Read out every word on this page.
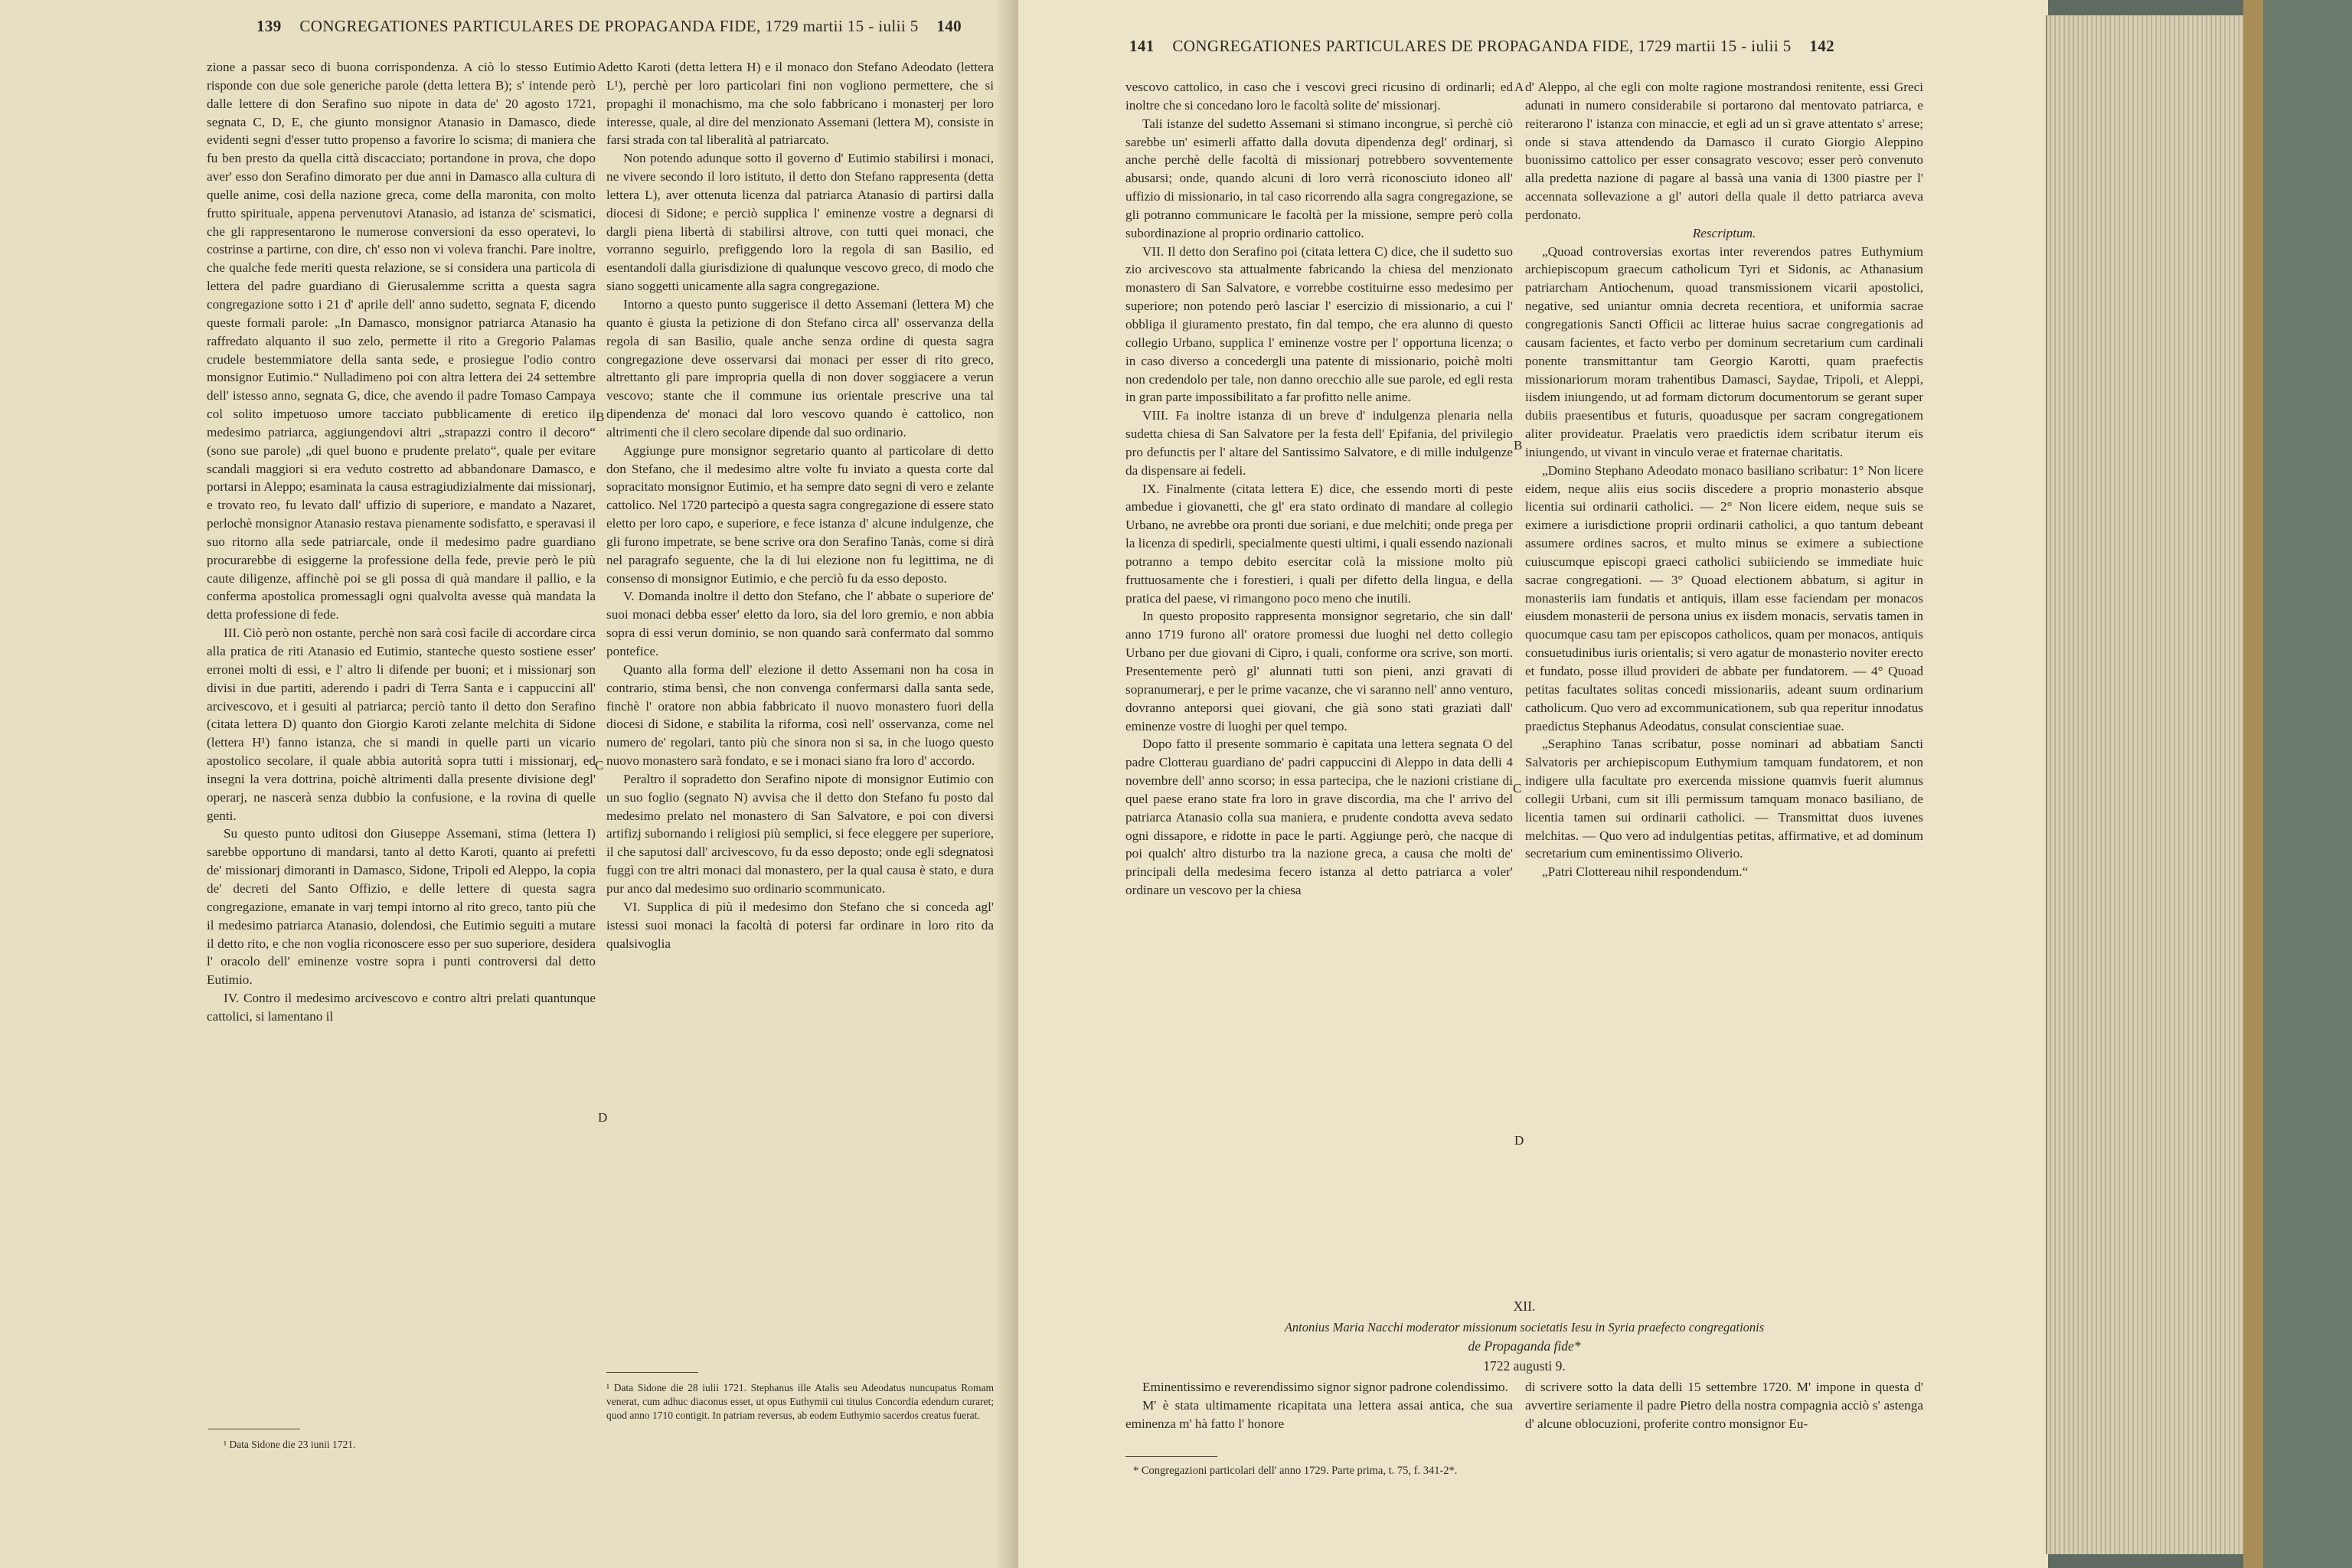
139 CONGREGATIONES PARTICULARES DE PROPAGANDA FIDE, 1729 martii 15 - iulii 5 140
zione a passar seco di buona corrispondenza. A ciò lo stesso Eutimio risponde con due sole generiche parole (detta lettera B); s' intende però dalle lettere di don Serafino suo nipote in data de' 20 agosto 1721, segnata C, D, E, che giunto monsignor Atanasio in Damasco, diede evidenti segni d'esser tutto propenso a favorire lo scisma; di maniera che fu ben presto da quella città discacciato; portandone in prova, che dopo aver' esso don Serafino dimorato per due anni in Damasco alla cultura di quelle anime, così della nazione greca, come della maronita, con molto frutto spirituale, appena pervenutovi Atanasio, ad istanza de' scismatici, che gli rappresentarono le numerose conversioni da esso operatevi, lo costrinse a partirne, con dire, ch' esso non vi voleva franchi. Pare inoltre, che qualche fede meriti questa relazione, se si considera una particola di lettera del padre guardiano di Gierusalemme scritta a questa sagra congregazione sotto i 21 d' aprile dell' anno sudetto, segnata F, dicendo queste formali parole: „In Damasco, monsignor patriarca Atanasio ha raffredato alquanto il suo zelo, permette il rito a Gregorio Palamas crudele bestemmiatore della santa sede, e prosiegue l'odio contro monsignor Eutimio.“ Nulladimeno poi con altra lettera dei 24 settembre dell' istesso anno, segnata G, dice, che avendo il padre Tomaso Campaya col solito impetuoso umore tacciato pubblicamente di eretico il medesimo patriarca, aggiungendovi altri „strapazzi contro il decoro“ (sono sue parole) „di quel buono e prudente prelato“, quale per evitare scandali maggiori si era veduto costretto ad abbandonare Damasco, e portarsi in Aleppo; esaminata la causa estragiudizialmente dai missionarj, e trovato reo, fu levato dall' uffizio di superiore, e mandato a Nazaret, perlochè monsignor Atanasio restava pienamente sodisfatto, e speravasi il suo ritorno alla sede patriarcale, onde il medesimo padre guardiano procurarebbe di esiggerne la professione della fede, previe però le più caute diligenze, affinchè poi se gli possa di quà mandare il pallio, e la conferma apostolica promessagli ogni qualvolta avesse quà mandata la detta professione di fede.
III. Ciò però non ostante, perchè non sarà così facile di accordare circa alla pratica de riti Atanasio ed Eutimio, stanteche questo sostiene esser' erronei molti di essi, e l' altro li difende per buoni; et i missionarj son divisi in due partiti, aderendo i padri di Terra Santa e i cappuccini all' arcivescovo, et i gesuiti al patriarca; perciò tanto il detto don Serafino (citata lettera D) quanto don Giorgio Karoti zelante melchita di Sidone (lettera H¹) fanno istanza, che si mandi in quelle parti un vicario apostolico secolare, il quale abbia autorità sopra tutti i missionarj, ed insegni la vera dottrina, poichè altrimenti dalla presente divisione degl' operarj, ne nascerà senza dubbio la confusione, e la rovina di quelle genti.
Su questo punto uditosi don Giuseppe Assemani, stima (lettera I) sarebbe opportuno di mandarsi, tanto al detto Karoti, quanto ai prefetti de' missionarj dimoranti in Damasco, Sidone, Tripoli ed Aleppo, la copia de' decreti del Santo Offizio, e delle lettere di questa sagra congregazione, emanate in varj tempi intorno al rito greco, tanto più che il medesimo patriarca Atanasio, dolendosi, che Eutimio seguiti a mutare il detto rito, e che non voglia riconoscere esso per suo superiore, desidera l' oracolo dell' eminenze vostre sopra i punti controversi dal detto Eutimio.
IV. Contro il medesimo arcivescovo e contro altri prelati quantunque cattolici, si lamentano il
detto Karoti (detta lettera H) e il monaco don Stefano Adeodato (lettera L¹), perchè per loro particolari fini non vogliono permettere, che si propaghi il monachismo, ma che solo fabbricano i monasterj per loro interesse, quale, al dire del menzionato Assemani (lettera M), consiste in farsi strada con tal liberalità al patriarcato.
Non potendo adunque sotto il governo d' Eutimio stabilirsi i monaci, ne vivere secondo il loro istituto, il detto don Stefano rappresenta (detta lettera L), aver ottenuta licenza dal patriarca Atanasio di partirsi dalla diocesi di Sidone; e perciò supplica l' eminenze vostre a degnarsi di dargli piena libertà di stabilirsi altrove, con tutti quei monaci, che vorranno seguirlo, prefiggendo loro la regola di san Basilio, ed esentandoli dalla giurisdizione di qualunque vescovo greco, di modo che siano soggetti unicamente alla sagra congregazione.
Intorno a questo punto suggerisce il detto Assemani (lettera M) che quanto è giusta la petizione di don Stefano circa all' osservanza della regola di san Basilio, quale anche senza ordine di questa sagra congregazione deve osservarsi dai monaci per esser di rito greco, altrettanto gli pare impropria quella di non dover soggiacere a verun vescovo; stante che il commune ius orientale prescrive una tal dipendenza de' monaci dal loro vescovo quando è cattolico, non altrimenti che il clero secolare dipende dal suo ordinario.
Aggiunge pure monsignor segretario quanto al particolare di detto don Stefano, che il medesimo altre volte fu inviato a questa corte dal sopracitato monsignor Eutimio, et ha sempre dato segni di vero e zelante cattolico. Nel 1720 partecipò a questa sagra congregazione di essere stato eletto per loro capo, e superiore, e fece istanza d' alcune indulgenze, che gli furono impetrate, se bene scrive ora don Serafino Tanàs, come si dirà nel paragrafo seguente, che la di lui elezione non fu legittima, ne di consenso di monsignor Eutimio, e che perciò fu da esso deposto.
V. Domanda inoltre il detto don Stefano, che l' abbate o superiore de' suoi monaci debba esser' eletto da loro, sia del loro gremio, e non abbia sopra di essi verun dominio, se non quando sarà confermato dal sommo pontefice.
Quanto alla forma dell' elezione il detto Assemani non ha cosa in contrario, stima bensì, che non convenga confermarsi dalla santa sede, finchè l' oratore non abbia fabbricato il nuovo monastero fuori della diocesi di Sidone, e stabilita la riforma, così nell' osservanza, come nel numero de' regolari, tanto più che sinora non si sa, in che luogo questo nuovo monastero sarà fondato, e se i monaci siano fra loro d' accordo.
Peraltro il sopradetto don Serafino nipote di monsignor Eutimio con un suo foglio (segnato N) avvisa che il detto don Stefano fu posto dal medesimo prelato nel monastero di San Salvatore, e poi con diversi artifizj subornando i religiosi più semplici, si fece eleggere per superiore, il che saputosi dall' arcivescovo, fu da esso deposto; onde egli sdegnatosi fuggì con tre altri monaci dal monastero, per la qual causa è stato, e dura pur anco dal medesimo suo ordinario scommunicato.
VI. Supplica di più il medesimo don Stefano che si conceda agl' istessi suoi monaci la facoltà di potersi far ordinare in loro rito da qualsivoglia
A
B
C
D
¹ Data Sidone die 23 iunii 1721.
¹ Data Sidone die 28 iulii 1721. Stephanus ille Atalis seu Adeodatus nuncupatus Romam venerat, cum adhuc diaconus esset, ut opus Euthymii cui titulus Concordia edendum curaret; quod anno 1710 contigit. In patriam reversus, ab eodem Euthymio sacerdos creatus fuerat.
141 CONGREGATIONES PARTICULARES DE PROPAGANDA FIDE, 1729 martii 15 - iulii 5 142
vescovo cattolico, in caso che i vescovi greci ricusino di ordinarli; ed inoltre che si concedano loro le facoltà solite de' missionarj.
Tali istanze del sudetto Assemani si stimano incongrue, sì perchè ciò sarebbe un' esimerli affatto dalla dovuta dipendenza degl' ordinarj, sì anche perchè delle facoltà di missionarj potrebbero sovventemente abusarsi; onde, quando alcuni di loro verrà riconosciuto idoneo all' uffizio di missionario, in tal caso ricorrendo alla sagra congregazione, se gli potranno communicare le facoltà per la missione, sempre però colla subordinazione al proprio ordinario cattolico.
VII. Il detto don Serafino poi (citata lettera C) dice, che il sudetto suo zio arcivescovo sta attualmente fabricando la chiesa del menzionato monastero di San Salvatore, e vorrebbe costituirne esso medesimo per superiore; non potendo però lasciar l' esercizio di missionario, a cui l' obbliga il giuramento prestato, fin dal tempo, che era alunno di questo collegio Urbano, supplica l' eminenze vostre per l' opportuna licenza; o in caso diverso a concedergli una patente di missionario, poichè molti non credendolo per tale, non danno orecchio alle sue parole, ed egli resta in gran parte impossibilitato a far profitto nelle anime.
VIII. Fa inoltre istanza di un breve d' indulgenza plenaria nella sudetta chiesa di San Salvatore per la festa dell' Epifania, del privilegio pro defunctis per l' altare del Santissimo Salvatore, e di mille indulgenze da dispensare ai fedeli.
IX. Finalmente (citata lettera E) dice, che essendo morti di peste ambedue i giovanetti, che gl' era stato ordinato di mandare al collegio Urbano, ne avrebbe ora pronti due soriani, e due melchiti; onde prega per la licenza di spedirli, specialmente questi ultimi, i quali essendo nazionali potranno a tempo debito esercitar colà la missione molto più fruttuosamente che i forestieri, i quali per difetto della lingua, e della pratica del paese, vi rimangono poco meno che inutili.
In questo proposito rappresenta monsignor segretario, che sin dall' anno 1719 furono all' oratore promessi due luoghi nel detto collegio Urbano per due giovani di Cipro, i quali, conforme ora scrive, son morti. Presentemente però gl' alunnati tutti son pieni, anzi gravati di sopranumerarj, e per le prime vacanze, che vi saranno nell' anno venturo, dovranno anteporsi quei giovani, che già sono stati graziati dall' eminenze vostre di luoghi per quel tempo.
Dopo fatto il presente sommario è capitata una lettera segnata O del padre Clotterau guardiano de' padri cappuccini di Aleppo in data delli 4 novembre dell' anno scorso; in essa partecipa, che le nazioni cristiane di quel paese erano state fra loro in grave discordia, ma che l' arrivo del patriarca Atanasio colla sua maniera, e prudente condotta aveva sedato ogni dissapore, e ridotte in pace le parti. Aggiunge però, che nacque di poi qualch' altro disturbo tra la nazione greca, a causa che molti de' principali della medesima fecero istanza al detto patriarca a voler' ordinare un vescovo per la chiesa
d' Aleppo, al che egli con molte ragione mostrandosi renitente, essi Greci adunati in numero considerabile si portarono dal mentovato patriarca, e reiterarono l' istanza con minaccie, et egli ad un sì grave attentato s' arrese; onde si stava attendendo da Damasco il curato Giorgio Aleppino buonissimo cattolico per esser consagrato vescovo; esser però convenuto alla predetta nazione di pagare al bassà una vania di 1300 piastre per l' accennata sollevazione a gl' autori della quale il detto patriarca aveva perdonato.
Rescriptum.
„Quoad controversias exortas inter reverendos patres Euthymium archiepiscopum graecum catholicum Tyri et Sidonis, ac Athanasium patriarcham Antiochenum, quoad transmissionem vicarii apostolici, negative, sed uniantur omnia decreta recentiora, et uniformia sacrae congregationis Sancti Officii ac litterae huius sacrae congregationis ad causam facientes, et facto verbo per dominum secretarium cum cardinali ponente transmittantur tam Georgio Karotti, quam praefectis missionariorum moram trahentibus Damasci, Saydae, Tripoli, et Aleppi, iisdem iniungendo, ut ad formam dictorum documentorum se gerant super dubiis praesentibus et futuris, quoadusque per sacram congregationem aliter provideatur. Praelatis vero praedictis idem scribatur iterum eis iniungendo, ut vivant in vinculo verae et fraternae charitatis.
„Domino Stephano Adeodato monaco basiliano scribatur: 1° Non licere eidem, neque aliis eius sociis discedere a proprio monasterio absque licentia sui ordinarii catholici. — 2° Non licere eidem, neque suis se eximere a iurisdictione proprii ordinarii catholici, a quo tantum debeant assumere ordines sacros, et multo minus se eximere a subiectione cuiuscumque episcopi graeci catholici subiiciendo se immediate huic sacrae congregationi. — 3° Quoad electionem abbatum, si agitur in monasteriis iam fundatis et antiquis, illam esse faciendam per monacos eiusdem monasterii de persona unius ex iisdem monacis, servatis tamen in quocumque casu tam per episcopos catholicos, quam per monacos, antiquis consuetudinibus iuris orientalis; si vero agatur de monasterio noviter erecto et fundato, posse illud provideri de abbate per fundatorem. — 4° Quoad petitas facultates solitas concedi missionariis, adeant suum ordinarium catholicum. Quo vero ad excommunicationem, sub qua reperitur innodatus praedictus Stephanus Adeodatus, consulat conscientiae suae.
„Seraphino Tanas scribatur, posse nominari ad abbatiam Sancti Salvatoris per archiepiscopum Euthymium tamquam fundatorem, et non indigere ulla facultate pro exercenda missione quamvis fuerit alumnus collegii Urbani, cum sit illi permissum tamquam monaco basiliano, de licentia tamen sui ordinarii catholici. — Transmittat duos iuvenes melchitas. — Quo vero ad indulgentias petitas, affirmative, et ad dominum secretarium cum eminentissimo Oliverio.
„Patri Clottereau nihil respondendum.“
A
B
C
D
XII.
Antonius Maria Nacchi moderator missionum societatis Iesu in Syria praefecto congregationis
de Propaganda fide*
1722 augusti 9.
Eminentissimo e reverendissimo signor signor padrone colendissimo.
M' è stata ultimamente ricapitata una lettera assai antica, che sua eminenza m' hà fatto l' honore
di scrivere sotto la data delli 15 settembre 1720. M' impone in questa d' avvertire seriamente il padre Pietro della nostra compagnia acciò s' astenga d' alcune oblocuzioni, proferite contro monsignor Eu-
* Congregazioni particolari dell' anno 1729. Parte prima, t. 75, f. 341-2*.
